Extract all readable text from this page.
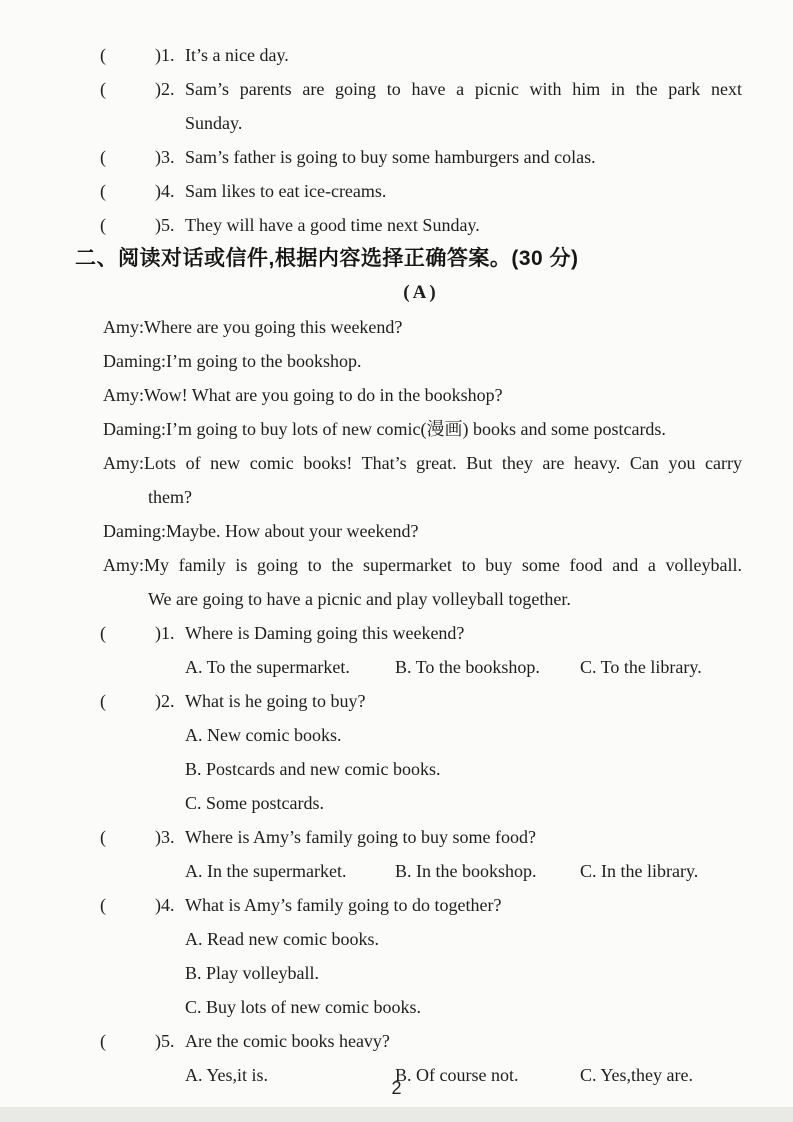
(	)1. It’s a nice day.
(	)2. Sam’s parents are going to have a picnic with him in the park next
Sunday.
(	)3. Sam’s father is going to buy some hamburgers and colas.
(	)4. Sam likes to eat ice-creams.
(	)5. They will have a good time next Sunday.
二、阅读对话或信件,根据内容选择正确答案。(30 分)
(A)
Amy:Where are you going this weekend?
Daming:I’m going to the bookshop.
Amy:Wow! What are you going to do in the bookshop?
Daming:I’m going to buy lots of new comic(漫画) books and some postcards.
Amy:Lots of new comic books! That’s great. But they are heavy. Can you carry
them?
Daming:Maybe. How about your weekend?
Amy:My family is going to the supermarket to buy some food and a volleyball.
We are going to have a picnic and play volleyball together.
(	)1. Where is Daming going this weekend?
A. To the supermarket.	B. To the bookshop.	C. To the library.
(	)2. What is he going to buy?
A. New comic books.
B. Postcards and new comic books.
C. Some postcards.
(	)3. Where is Amy’s family going to buy some food?
A. In the supermarket.	B. In the bookshop.	C. In the library.
(	)4. What is Amy’s family going to do together?
A. Read new comic books.
B. Play volleyball.
C. Buy lots of new comic books.
(	)5. Are the comic books heavy?
A. Yes,it is.	B. Of course not.	C. Yes,they are.
2
